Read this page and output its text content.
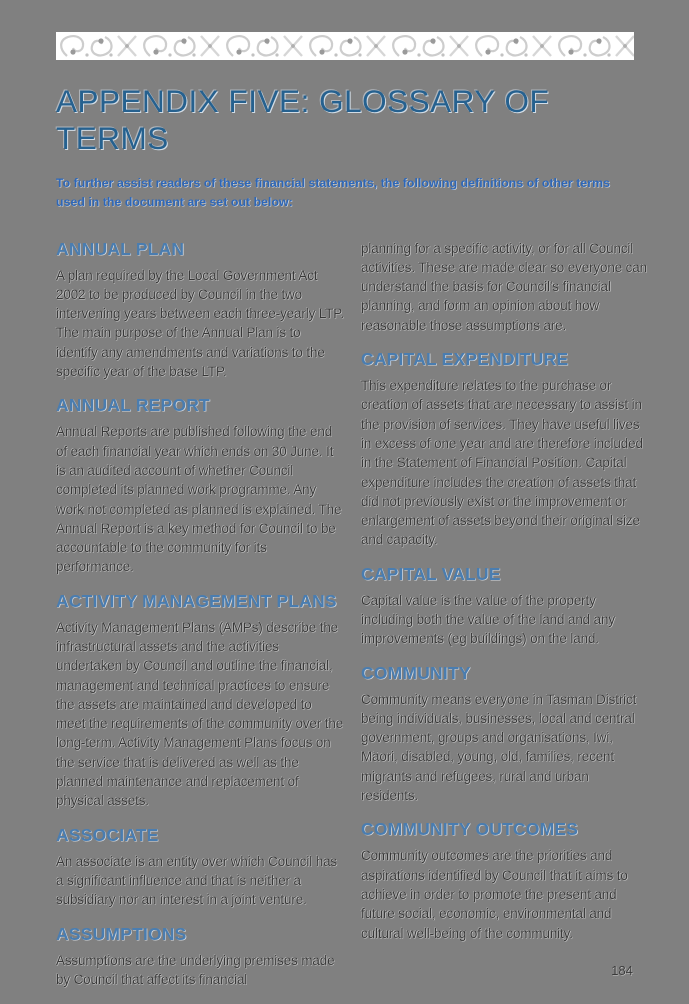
APPENDIX FIVE: GLOSSARY OF TERMS

To further assist readers of these financial statements, the following definitions of other terms used in the document are set out below:

ANNUAL PLAN

A plan required by the Local Government Act 2002 to be produced by Council in the two intervening years between each three-yearly LTP. The main purpose of the Annual Plan is to identify any amendments and variations to the specific year of the base LTP.

ANNUAL REPORT

Annual Reports are published following the end of each financial year which ends on 30 June. It is an audited account of whether Council completed its planned work programme. Any work not completed as planned is explained. The Annual Report is a key method for Council to be accountable to the community for its performance.

ACTIVITY MANAGEMENT PLANS

Activity Management Plans (AMPs) describe the infrastructural assets and the activities undertaken by Council and outline the financial, management and technical practices to ensure the assets are maintained and developed to meet the requirements of the community over the long-term. Activity Management Plans focus on the service that is delivered as well as the planned maintenance and replacement of physical assets.

ASSOCIATE

An associate is an entity over which Council has a significant influence and that is neither a subsidiary nor an interest in a joint venture.

ASSUMPTIONS

Assumptions are the underlying premises made by Council that affect its financial

planning for a specific activity, or for all Council activities. These are made clear so everyone can understand the basis for Council's financial planning, and form an opinion about how reasonable those assumptions are.

CAPITAL EXPENDITURE

This expenditure relates to the purchase or creation of assets that are necessary to assist in the provision of services. They have useful lives in excess of one year and are therefore included in the Statement of Financial Position. Capital expenditure includes the creation of assets that did not previously exist or the improvement or enlargement of assets beyond their original size and capacity.

CAPITAL VALUE

Capital value is the value of the property including both the value of the land and any improvements (eg buildings) on the land.

COMMUNITY

Community means everyone in Tasman District being individuals, businesses, local and central government, groups and organisations, Iwi, Māori, disabled, young, old, families, recent migrants and refugees, rural and urban residents.

COMMUNITY OUTCOMES

Community outcomes are the priorities and aspirations identified by Council that it aims to achieve in order to promote the present and future social, economic, environmental and cultural well-being of the community.

184
